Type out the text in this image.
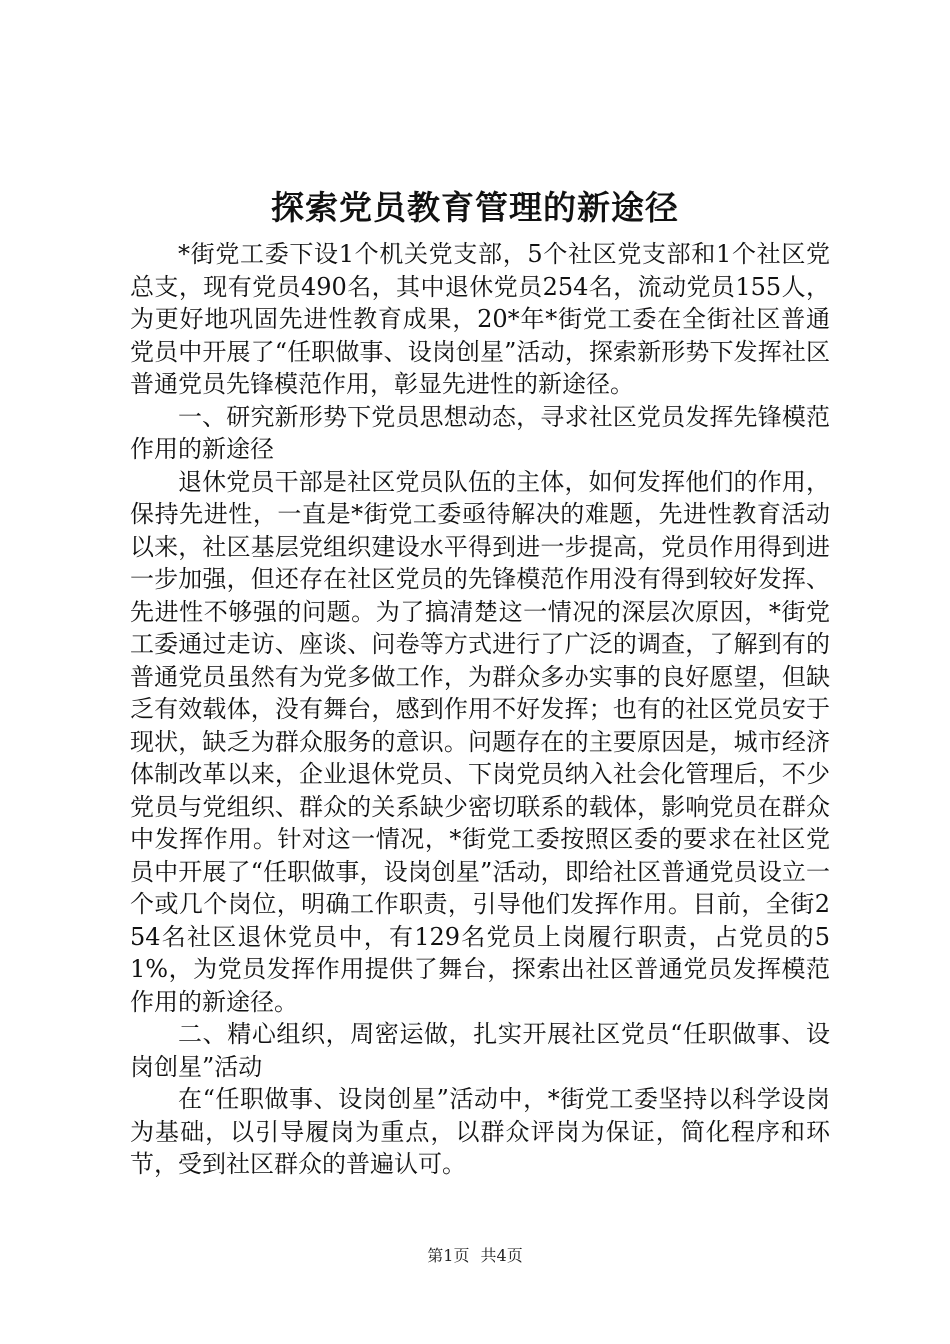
探索党员教育管理的新途径

*街党工委下设1个机关党支部，5个社区党支部和1个社区党总支，现有党员490名，其中退休党员254名，流动党员155人，为更好地巩固先进性教育成果，20*年*街党工委在全街社区普通党员中开展了“任职做事、设岗创星”活动，探索新形势下发挥社区普通党员先锋模范作用，彰显先进性的新途径。

一、研究新形势下党员思想动态，寻求社区党员发挥先锋模范作用的新途径

退休党员干部是社区党员队伍的主体，如何发挥他们的作用，保持先进性，一直是*街党工委亟待解决的难题，先进性教育活动以来，社区基层党组织建设水平得到进一步提高，党员作用得到进一步加强，但还存在社区党员的先锋模范作用没有得到较好发挥、先进性不够强的问题。为了搞清楚这一情况的深层次原因，*街党工委通过走访、座谈、问卷等方式进行了广泛的调查，了解到有的普通党员虽然有为党多做工作，为群众多办实事的良好愿望，但缺乏有效载体，没有舞台，感到作用不好发挥；也有的社区党员安于现状，缺乏为群众服务的意识。问题存在的主要原因是，城市经济体制改革以来，企业退休党员、下岗党员纳入社会化管理后，不少党员与党组织、群众的关系缺少密切联系的载体，影响党员在群众中发挥作用。针对这一情况，*街党工委按照区委的要求在社区党员中开展了“任职做事，设岗创星”活动，即给社区普通党员设立一个或几个岗位，明确工作职责，引导他们发挥作用。目前，全街254名社区退休党员中，有129名党员上岗履行职责，占党员的51%，为党员发挥作用提供了舞台，探索出社区普通党员发挥模范作用的新途径。

二、精心组织，周密运做，扎实开展社区党员“任职做事、设岗创星”活动

在“任职做事、设岗创星”活动中，*街党工委坚持以科学设岗为基础，以引导履岗为重点，以群众评岗为保证，简化程序和环节，受到社区群众的普遍认可。

第1页 共4页
